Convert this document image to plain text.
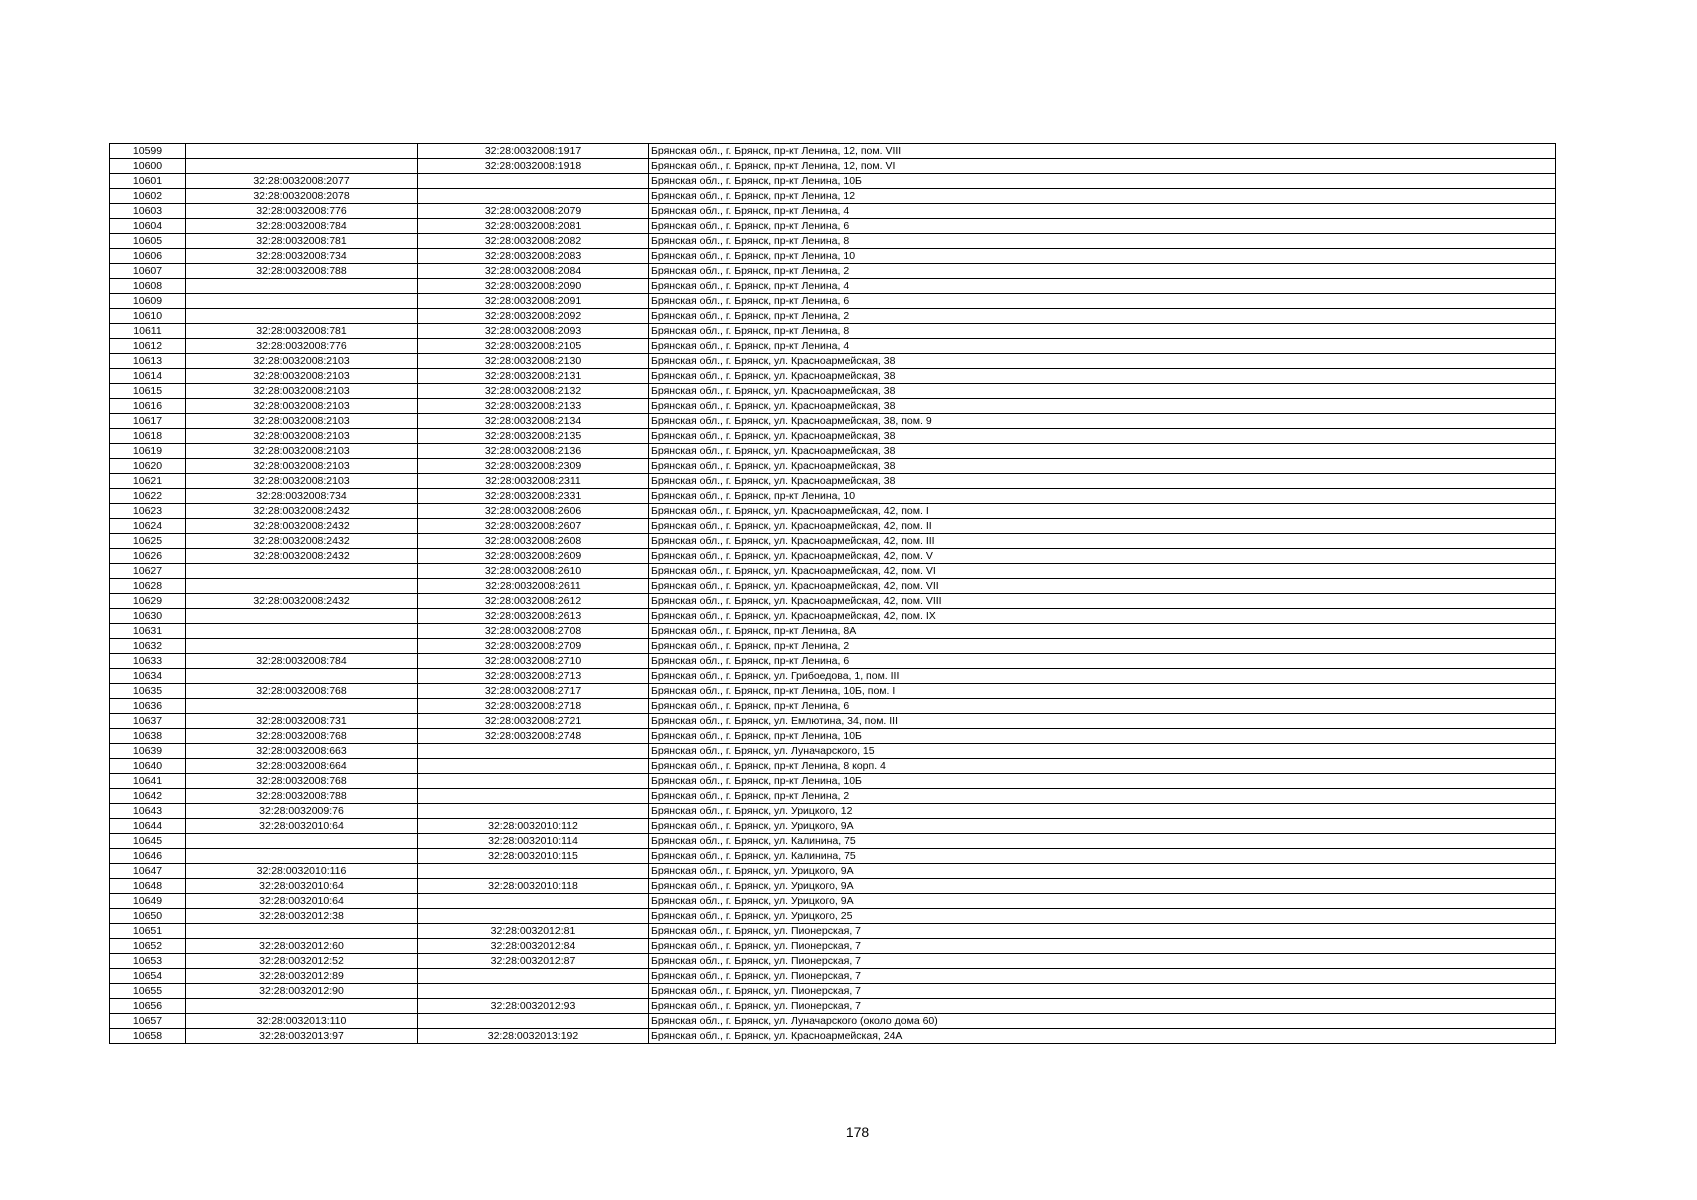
10599		32:28:0032008:1917	Брянская обл., г. Брянск, пр-кт Ленина, 12, пом. VIII
10600		32:28:0032008:1918	Брянская обл., г. Брянск, пр-кт Ленина, 12, пом. VI
10601	32:28:0032008:2077		Брянская обл., г. Брянск, пр-кт Ленина, 10Б
10602	32:28:0032008:2078		Брянская обл., г. Брянск, пр-кт Ленина, 12
10603	32:28:0032008:776	32:28:0032008:2079	Брянская обл., г. Брянск, пр-кт Ленина, 4
10604	32:28:0032008:784	32:28:0032008:2081	Брянская обл., г. Брянск, пр-кт Ленина, 6
10605	32:28:0032008:781	32:28:0032008:2082	Брянская обл., г. Брянск, пр-кт Ленина, 8
10606	32:28:0032008:734	32:28:0032008:2083	Брянская обл., г. Брянск, пр-кт Ленина, 10
10607	32:28:0032008:788	32:28:0032008:2084	Брянская обл., г. Брянск, пр-кт Ленина, 2
10608		32:28:0032008:2090	Брянская обл., г. Брянск, пр-кт Ленина, 4
10609		32:28:0032008:2091	Брянская обл., г. Брянск, пр-кт Ленина, 6
10610		32:28:0032008:2092	Брянская обл., г. Брянск, пр-кт Ленина, 2
10611	32:28:0032008:781	32:28:0032008:2093	Брянская обл., г. Брянск, пр-кт Ленина, 8
10612	32:28:0032008:776	32:28:0032008:2105	Брянская обл., г. Брянск, пр-кт Ленина, 4
10613	32:28:0032008:2103	32:28:0032008:2130	Брянская обл., г. Брянск, ул. Красноармейская, 38
10614	32:28:0032008:2103	32:28:0032008:2131	Брянская обл., г. Брянск, ул. Красноармейская, 38
10615	32:28:0032008:2103	32:28:0032008:2132	Брянская обл., г. Брянск, ул. Красноармейская, 38
10616	32:28:0032008:2103	32:28:0032008:2133	Брянская обл., г. Брянск, ул. Красноармейская, 38
10617	32:28:0032008:2103	32:28:0032008:2134	Брянская обл., г. Брянск, ул. Красноармейская, 38, пом. 9
10618	32:28:0032008:2103	32:28:0032008:2135	Брянская обл., г. Брянск, ул. Красноармейская, 38
10619	32:28:0032008:2103	32:28:0032008:2136	Брянская обл., г. Брянск, ул. Красноармейская, 38
10620	32:28:0032008:2103	32:28:0032008:2309	Брянская обл., г. Брянск, ул. Красноармейская, 38
10621	32:28:0032008:2103	32:28:0032008:2311	Брянская обл., г. Брянск, ул. Красноармейская, 38
10622	32:28:0032008:734	32:28:0032008:2331	Брянская обл., г. Брянск, пр-кт Ленина, 10
10623	32:28:0032008:2432	32:28:0032008:2606	Брянская обл., г. Брянск, ул. Красноармейская, 42, пом. I
10624	32:28:0032008:2432	32:28:0032008:2607	Брянская обл., г. Брянск, ул. Красноармейская, 42, пом. II
10625	32:28:0032008:2432	32:28:0032008:2608	Брянская обл., г. Брянск, ул. Красноармейская, 42, пом. III
10626	32:28:0032008:2432	32:28:0032008:2609	Брянская обл., г. Брянск, ул. Красноармейская, 42, пом. V
10627		32:28:0032008:2610	Брянская обл., г. Брянск, ул. Красноармейская, 42, пом. VI
10628		32:28:0032008:2611	Брянская обл., г. Брянск, ул. Красноармейская, 42, пом. VII
10629	32:28:0032008:2432	32:28:0032008:2612	Брянская обл., г. Брянск, ул. Красноармейская, 42, пом. VIII
10630		32:28:0032008:2613	Брянская обл., г. Брянск, ул. Красноармейская, 42, пом. IX
10631		32:28:0032008:2708	Брянская обл., г. Брянск, пр-кт Ленина, 8А
10632		32:28:0032008:2709	Брянская обл., г. Брянск, пр-кт Ленина, 2
10633	32:28:0032008:784	32:28:0032008:2710	Брянская обл., г. Брянск, пр-кт Ленина, 6
10634		32:28:0032008:2713	Брянская обл., г. Брянск, ул. Грибоедова, 1, пом. III
10635	32:28:0032008:768	32:28:0032008:2717	Брянская обл., г. Брянск, пр-кт Ленина, 10Б, пом. I
10636		32:28:0032008:2718	Брянская обл., г. Брянск, пр-кт Ленина, 6
10637	32:28:0032008:731	32:28:0032008:2721	Брянская обл., г. Брянск, ул. Емлютина, 34, пом. III
10638	32:28:0032008:768	32:28:0032008:2748	Брянская обл., г. Брянск, пр-кт Ленина, 10Б
10639	32:28:0032008:663		Брянская обл., г. Брянск, ул. Луначарского, 15
10640	32:28:0032008:664		Брянская обл., г. Брянск, пр-кт Ленина, 8 корп. 4
10641	32:28:0032008:768		Брянская обл., г. Брянск, пр-кт Ленина, 10Б
10642	32:28:0032008:788		Брянская обл., г. Брянск, пр-кт Ленина, 2
10643	32:28:0032009:76		Брянская обл., г. Брянск, ул. Урицкого, 12
10644	32:28:0032010:64	32:28:0032010:112	Брянская обл., г. Брянск, ул. Урицкого, 9А
10645		32:28:0032010:114	Брянская обл., г. Брянск, ул. Калинина, 75
10646		32:28:0032010:115	Брянская обл., г. Брянск, ул. Калинина, 75
10647	32:28:0032010:116		Брянская обл., г. Брянск, ул. Урицкого, 9А
10648	32:28:0032010:64	32:28:0032010:118	Брянская обл., г. Брянск, ул. Урицкого, 9А
10649	32:28:0032010:64		Брянская обл., г. Брянск, ул. Урицкого, 9А
10650	32:28:0032012:38		Брянская обл., г. Брянск, ул. Урицкого, 25
10651		32:28:0032012:81	Брянская обл., г. Брянск, ул. Пионерская, 7
10652	32:28:0032012:60	32:28:0032012:84	Брянская обл., г. Брянск, ул. Пионерская, 7
10653	32:28:0032012:52	32:28:0032012:87	Брянская обл., г. Брянск, ул. Пионерская, 7
10654	32:28:0032012:89		Брянская обл., г. Брянск, ул. Пионерская, 7
10655	32:28:0032012:90		Брянская обл., г. Брянск, ул. Пионерская, 7
10656		32:28:0032012:93	Брянская обл., г. Брянск, ул. Пионерская, 7
10657	32:28:0032013:110		Брянская обл., г. Брянск, ул. Луначарского (около дома 60)
10658	32:28:0032013:97	32:28:0032013:192	Брянская обл., г. Брянск, ул. Красноармейская, 24А
178
